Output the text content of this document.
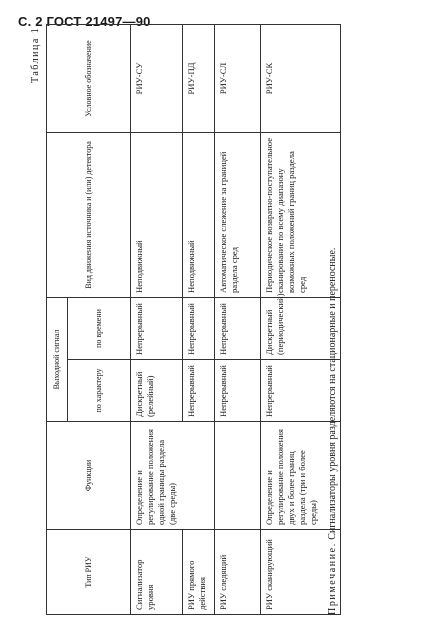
С. 2 ГОСТ 21497—90
Таблица 1
Тип РИУ	Функции	Выходной сигнал		Вид движения источника и (или) детектора	Условное обозначение
		по характеру	по времени		
Сигнализатор уровня	Определение и регулирование положения одной границы раздела (две среды)	Дискретный (релейный)	Непрерывный	Неподвижный	РИУ-СУ
РИУ прямого действия		Непрерывный	Непрерывный	Неподвижный	РИУ-ПД
РИУ следящий		Непрерывный	Непрерывный	Автоматическое слежение за границей раздела сред	РИУ-СЛ
РИУ сканирующий	Определение и регулирование положения двух и более границ раздела (три и более среды)	Непрерывный	Дискретный (периодический)	Периодическое возвратно-поступательное сканирование по всему диапазону возможных положений границ раздела сред	РИУ-СК
Примечание. Сигнализаторы уровня разделяются на стационарные и переносные.
